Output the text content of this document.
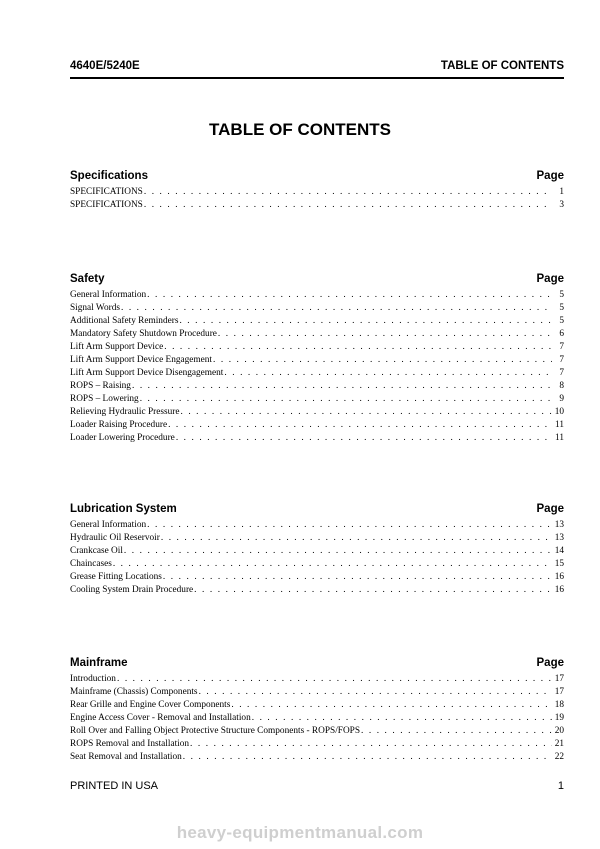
4640E/5240E	TABLE OF CONTENTS
TABLE OF CONTENTS
Specifications	Page
SPECIFICATIONS . . .	1
SPECIFICATIONS . . .	3
Safety	Page
General Information . . .	5
Signal Words . . .	5
Additional Safety Reminders . . .	5
Mandatory Safety Shutdown Procedure . . .	6
Lift Arm Support Device . . .	7
Lift Arm Support Device Engagement . . .	7
Lift Arm Support Device Disengagement . . .	7
ROPS – Raising . . .	8
ROPS – Lowering . . .	9
Relieving Hydraulic Pressure . . .	10
Loader Raising Procedure . . .	11
Loader Lowering Procedure . . .	11
Lubrication System	Page
General Information . . .	13
Hydraulic Oil Reservoir . . .	13
Crankcase Oil . . .	14
Chaincases . . .	15
Grease Fitting Locations . . .	16
Cooling System Drain Procedure . . .	16
Mainframe	Page
Introduction . . .	17
Mainframe (Chassis) Components . . .	17
Rear Grille and Engine Cover Components . . .	18
Engine Access Cover - Removal and Installation . . .	19
Roll Over and Falling Object Protective Structure Components - ROPS/FOPS . . .	20
ROPS Removal and Installation . . .	21
Seat Removal and Installation . . .	22
PRINTED IN USA	1
heavy-equipmentmanual.com
